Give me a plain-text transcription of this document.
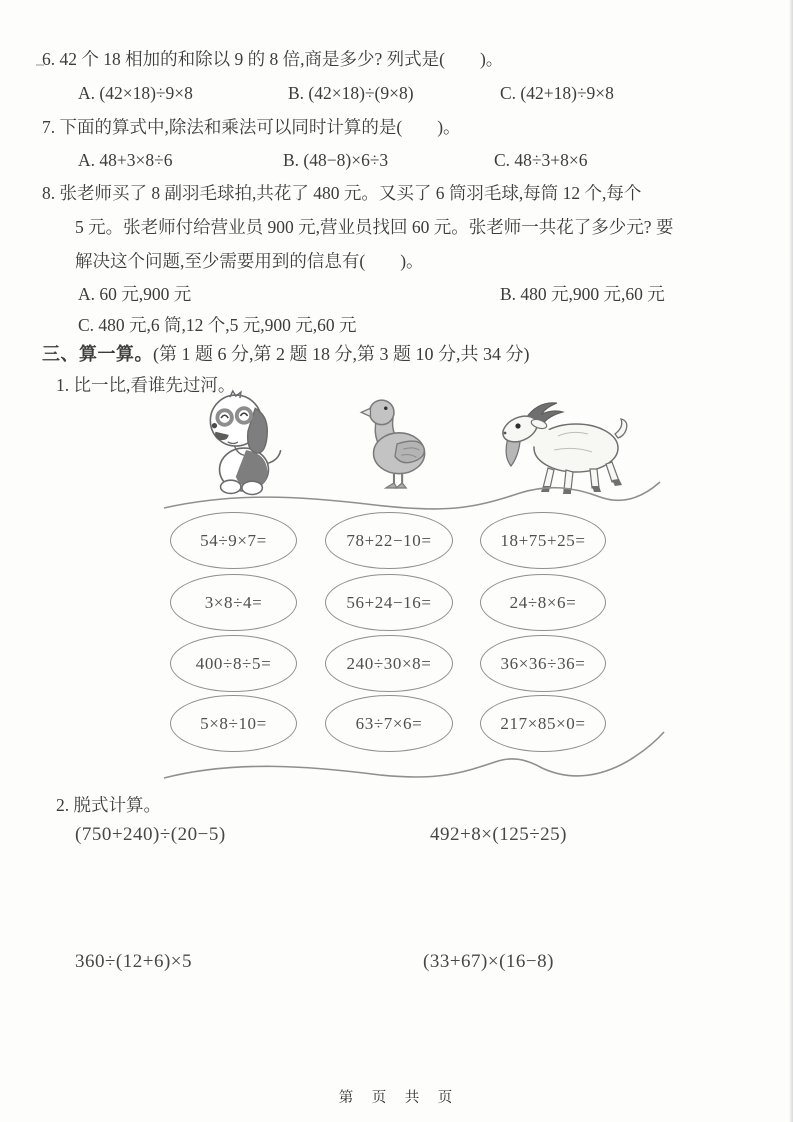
6. 42 个 18 相加的和除以 9 的 8 倍,商是多少? 列式是(　　)。
A. (42×18)÷9×8	B. (42×18)÷(9×8)	C. (42+18)÷9×8
7. 下面的算式中,除法和乘法可以同时计算的是(　　)。
A. 48+3×8÷6	B. (48−8)×6÷3	C. 48÷3+8×6
8. 张老师买了 8 副羽毛球拍,共花了 480 元。又买了 6 筒羽毛球,每筒 12 个,每个
5 元。张老师付给营业员 900 元,营业员找回 60 元。张老师一共花了多少元? 要
解决这个问题,至少需要用到的信息有(　　)。
A. 60 元,900 元	B. 480 元,900 元,60 元
C. 480 元,6 筒,12 个,5 元,900 元,60 元
三、算一算。(第 1 题 6 分,第 2 题 18 分,第 3 题 10 分,共 34 分)
1. 比一比,看谁先过河。
54÷9×7=	78+22−10=	18+75+25=
3×8÷4=	56+24−16=	24÷8×6=
400÷8÷5=	240÷30×8=	36×36÷36=
5×8÷10=	63÷7×6=	217×85×0=
2. 脱式计算。
(750+240)÷(20−5)	492+8×(125÷25)
360÷(12+6)×5	(33+67)×(16−8)
第　页　共　页
